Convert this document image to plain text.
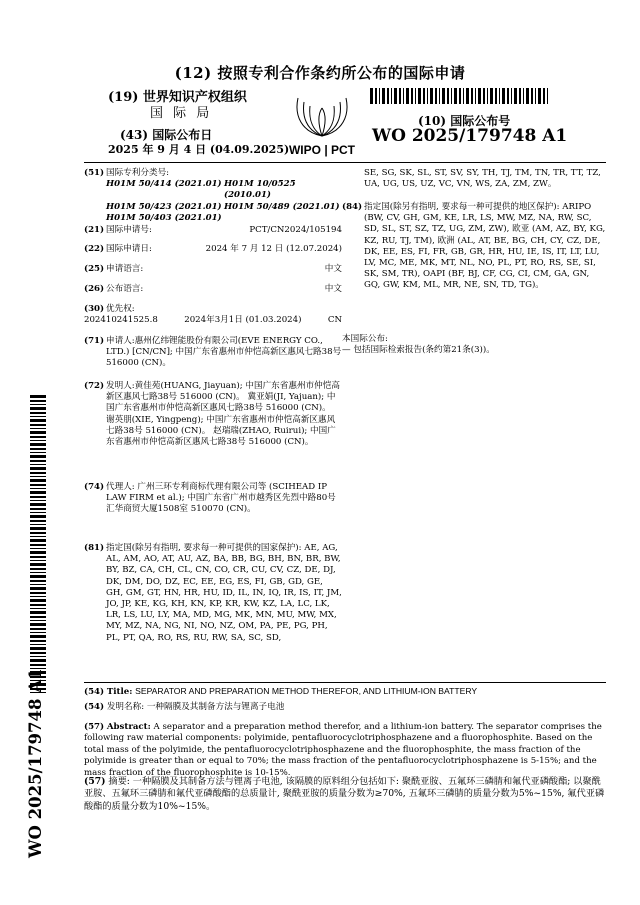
(12) 按照专利合作条约所公布的国际申请
(19) 世界知识产权组织
国 际 局
(43) 国际公布日
2025 年 9 月 4 日 (04.09.2025) WIPO | PCT
(10) 国际公布号
WO 2025/179748 A1
(51) 国际专利分类号:
H01M 50/414 (2021.01) H01M 10/0525 (2010.01)
H01M 50/423 (2021.01) H01M 50/489 (2021.01)
H01M 50/403 (2021.01)
(21) 国际申请号:	PCT/CN2024/105194
(22) 国际申请日:	2024 年 7 月 12 日 (12.07.2024)
(25) 申请语言:	中文
(26) 公布语言:	中文
(30) 优先权:
202410241525.8	2024年3月1日 (01.03.2024)	CN
(71) 申请人:惠州亿纬锂能股份有限公司(EVE ENERGY CO., LTD.) [CN/CN]; 中国广东省惠州市仲恺高新区惠风七路38号 516000 (CN)。
(72) 发明人:黄佳苑(HUANG, Jiayuan); 中国广东省惠州市仲恺高新区惠风七路38号 516000 (CN)。 冀亚娟(JI, Yajuan); 中国广东省惠州市仲恺高新区惠风七路38号 516000 (CN)。 谢英朋(XIE, Yingpeng); 中国广东省惠州市仲恺高新区惠风七路38号 516000 (CN)。 赵瑞瑞(ZHAO, Ruirui); 中国广东省惠州市仲恺高新区惠风七路38号 516000 (CN)。
(74) 代理人: 广州三环专利商标代理有限公司等 (SCIHEAD IP LAW FIRM et al.); 中国广东省广州市越秀区先烈中路80号汇华商贸大厦1508室 510070 (CN)。
(81) 指定国(除另有指明, 要求每一种可提供的国家保护): AE, AG, AL, AM, AO, AT, AU, AZ, BA, BB, BG, BH, BN, BR, BW, BY, BZ, CA, CH, CL, CN, CO, CR, CU, CV, CZ, DE, DJ, DK, DM, DO, DZ, EC, EE, EG, ES, FI, GB, GD, GE, GH, GM, GT, HN, HR, HU, ID, IL, IN, IQ, IR, IS, IT, JM, JO, JP, KE, KG, KH, KN, KP, KR, KW, KZ, LA, LC, LK, LR, LS, LU, LY, MA, MD, MG, MK, MN, MU, MW, MX, MY, MZ, NA, NG, NI, NO, NZ, OM, PA, PE, PG, PH, PL, PT, QA, RO, RS, RU, RW, SA, SC, SD,
SE, SG, SK, SL, ST, SV, SY, TH, TJ, TM, TN, TR, TT, TZ, UA, UG, US, UZ, VC, VN, WS, ZA, ZM, ZW。
(84) 指定国(除另有指明, 要求每一种可提供的地区保护): ARIPO (BW, CV, GH, GM, KE, LR, LS, MW, MZ, NA, RW, SC, SD, SL, ST, SZ, TZ, UG, ZM, ZW), 欧亚 (AM, AZ, BY, KG, KZ, RU, TJ, TM), 欧洲 (AL, AT, BE, BG, CH, CY, CZ, DE, DK, EE, ES, FI, FR, GB, GR, HR, HU, IE, IS, IT, LT, LU, LV, MC, ME, MK, MT, NL, NO, PL, PT, RO, RS, SE, SI, SK, SM, TR), OAPI (BF, BJ, CF, CG, CI, CM, GA, GN, GQ, GW, KM, ML, MR, NE, SN, TD, TG)。
本国际公布:
— 包括国际检索报告(条约第21条(3))。
WO 2025/179748 A1	(54) Title: SEPARATOR AND PREPARATION METHOD THEREFOR, AND LITHIUM-ION BATTERY
(54) 发明名称: 一种隔膜及其制备方法与锂离子电池
(57) Abstract: A separator and a preparation method therefor, and a lithium-ion battery. The separator comprises the following raw material components: polyimide, pentafluorocyclotriphosphazene and a fluorophosphite. Based on the total mass of the polyimide, the pentafluorocyclotriphosphazene and the fluorophosphite, the mass fraction of the polyimide is greater than or equal to 70%; the mass fraction of the pentafluorocyclotriphosphazene is 5-15%; and the mass fraction of the fluorophosphite is 10-15%.
(57) 摘要: 一种隔膜及其制备方法与锂离子电池, 该隔膜的原料组分包括如下: 聚酰亚胺、五氟环三磷腈和氟代亚磷酸酯; 以聚酰亚胺、五氟环三磷腈和氟代亚磷酸酯的总质量计, 聚酰亚胺的质量分数为≥70%, 五氟环三磷腈的质量分数为5%~15%, 氟代亚磷酸酯的质量分数为10%~15%。
